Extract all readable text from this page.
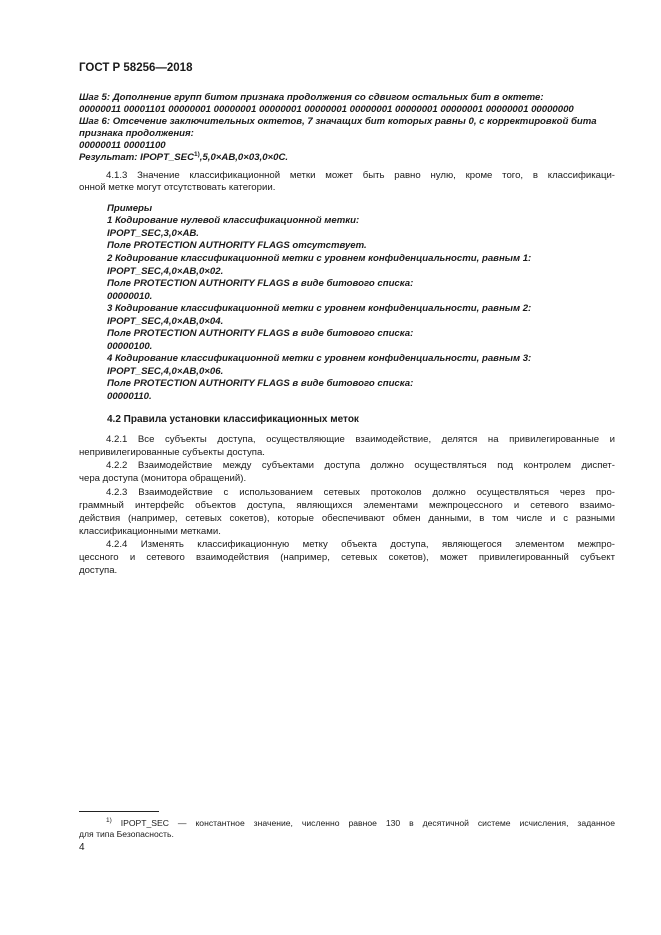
ГОСТ Р 58256—2018
Шаг 5: Дополнение групп битом признака продолжения со сдвигом остальных бит в октете:
00000011 00001101 00000001 00000001 00000001 00000001 00000001 00000001 00000001 00000001 00000000
Шаг 6: Отсечение заключительных октетов, 7 значащих бит которых равны 0, с корректировкой бита
признака продолжения:
00000011 00001100
Результат: $IPOPT\_SEC^{1)},5,0\times AB,0\times 03,0\times 0C$.
4.1.3 Значение классификационной метки может быть равно нулю, кроме того, в классификаци-
онной метке могут отсутствовать категории.
Примеры
1 Кодирование нулевой классификационной метки:
IPOPT_SEC,3,0×AB.
Поле PROTECTION AUTHORITY FLAGS отсутствует.
2 Кодирование классификационной метки с уровнем конфиденциальности, равным 1:
IPOPT_SEC,4,0×AB,0×02.
Поле PROTECTION AUTHORITY FLAGS в виде битового списка:
00000010.
3 Кодирование классификационной метки с уровнем конфиденциальности, равным 2:
IPOPT_SEC,4,0×AB,0×04.
Поле PROTECTION AUTHORITY FLAGS в виде битового списка:
00000100.
4 Кодирование классификационной метки с уровнем конфиденциальности, равным 3:
IPOPT_SEC,4,0×AB,0×06.
Поле PROTECTION AUTHORITY FLAGS в виде битового списка:
00000110.
4.2 Правила установки классификационных меток
4.2.1 Все субъекты доступа, осуществляющие взаимодействие, делятся на привилегированные и
непривилегированные субъекты доступа.
4.2.2 Взаимодействие между субъектами доступа должно осуществляться под контролем диспет-
чера доступа (монитора обращений).
4.2.3 Взаимодействие с использованием сетевых протоколов должно осуществляться через про-
граммный интерфейс объектов доступа, являющихся элементами межпроцессного и сетевого взаимо-
действия (например, сетевых сокетов), которые обеспечивают обмен данными, в том числе и с разными
классификационными метками.
4.2.4 Изменять классификационную метку объекта доступа, являющегося элементом межпро-
цессного и сетевого взаимодействия (например, сетевых сокетов), может привилегированный субъект
доступа.
$^{1)}$ IPOPT_SEC — константное значение, численно равное 130 в десятичной системе исчисления, заданное
для типа Безопасность.
4
